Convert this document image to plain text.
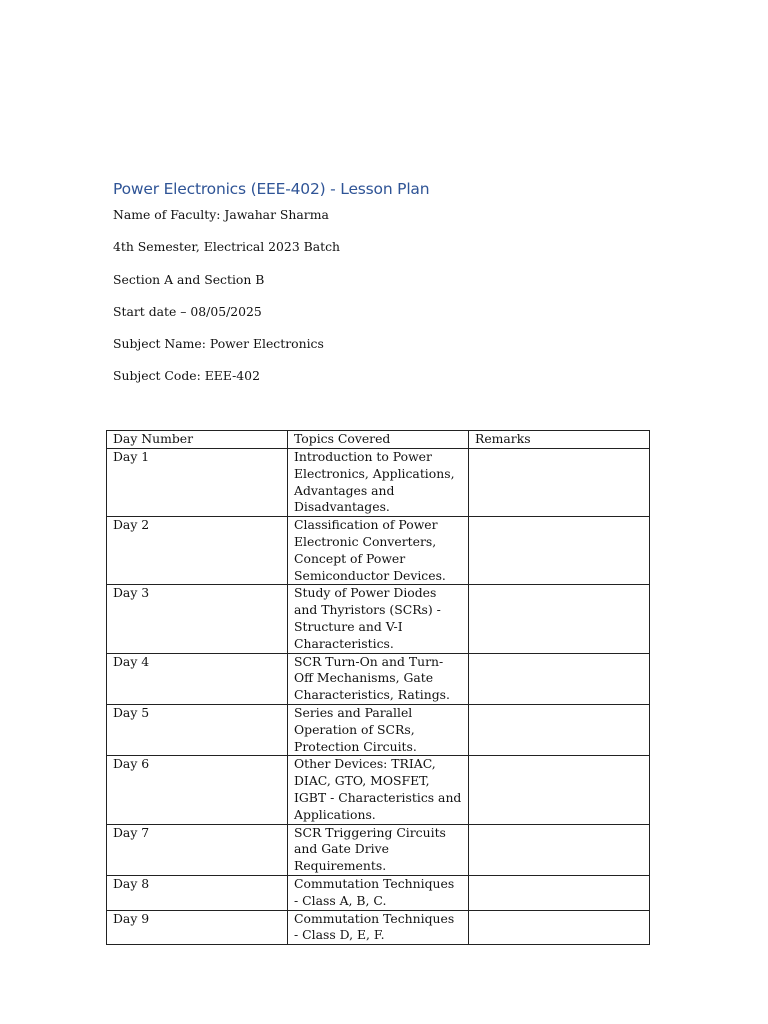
Power Electronics (EEE-402) - Lesson Plan
Name of Faculty: Jawahar Sharma
4th Semester, Electrical 2023 Batch
Section A and Section B
Start date – 08/05/2025
Subject Name: Power Electronics
Subject Code: EEE-402
Day Number	Topics Covered	Remarks
Day 1	Introduction to Power Electronics, Applications, Advantages and Disadvantages.	
Day 2	Classification of Power Electronic Converters, Concept of Power Semiconductor Devices.	
Day 3	Study of Power Diodes and Thyristors (SCRs) - Structure and V-I Characteristics.	
Day 4	SCR Turn-On and Turn-Off Mechanisms, Gate Characteristics, Ratings.	
Day 5	Series and Parallel Operation of SCRs, Protection Circuits.	
Day 6	Other Devices: TRIAC, DIAC, GTO, MOSFET, IGBT - Characteristics and Applications.	
Day 7	SCR Triggering Circuits and Gate Drive Requirements.	
Day 8	Commutation Techniques - Class A, B, C.	
Day 9	Commutation Techniques - Class D, E, F.	
